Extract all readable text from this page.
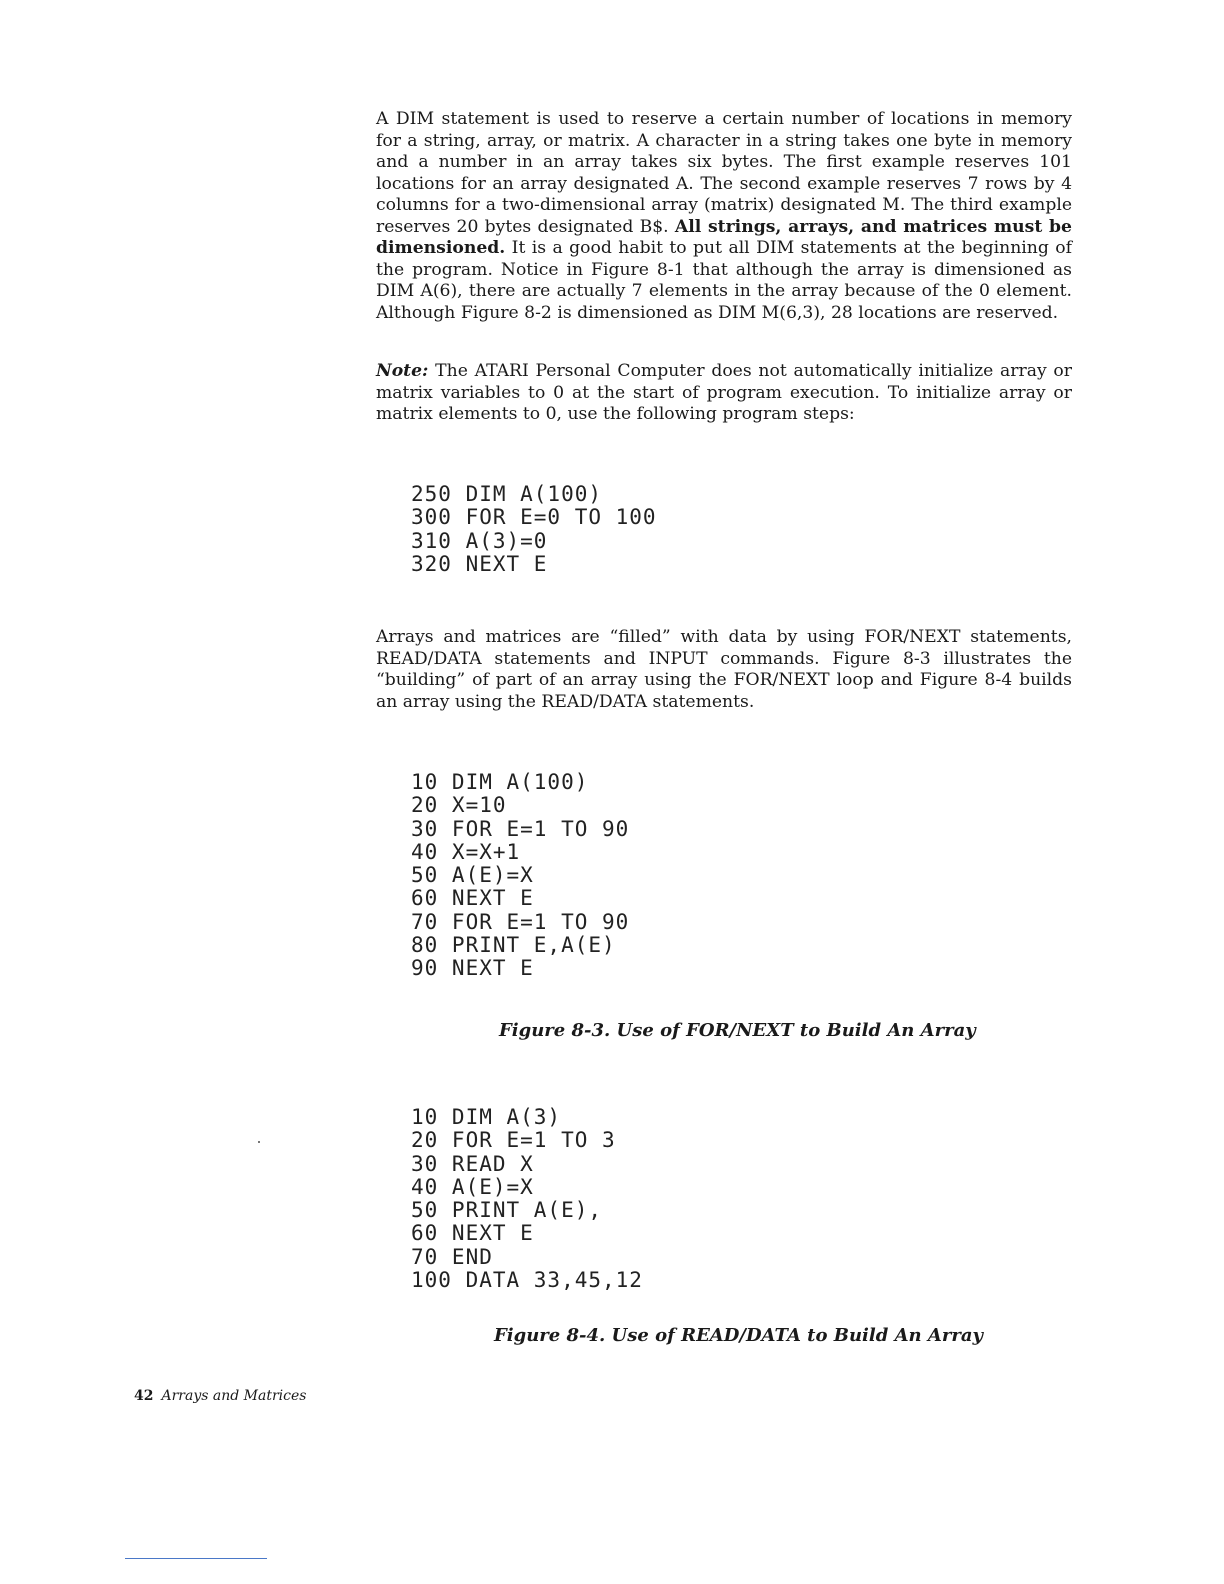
A DIM statement is used to reserve a certain number of locations in memory for a string, array, or matrix. A character in a string takes one byte in memory and a number in an array takes six bytes. The first example reserves 101 locations for an array designated A. The second example reserves 7 rows by 4 columns for a two-dimensional array (matrix) designated M. The third example reserves 20 bytes designated B$. All strings, arrays, and matrices must be dimensioned. It is a good habit to put all DIM statements at the beginning of the program. Notice in Figure 8-1 that although the array is dimensioned as DIM A(6), there are actually 7 elements in the array because of the 0 element. Although Figure 8-2 is dimensioned as DIM M(6,3), 28 locations are reserved.

Note: The ATARI Personal Computer does not automatically initialize array or matrix variables to 0 at the start of program execution. To initialize array or matrix elements to 0, use the following program steps:

250 DIM A(100)
300 FOR E=0 TO 100
310 A(3)=0
320 NEXT E

Arrays and matrices are “filled” with data by using FOR/NEXT statements, READ/DATA statements and INPUT commands. Figure 8-3 illustrates the “building” of part of an array using the FOR/NEXT loop and Figure 8-4 builds an array using the READ/DATA statements.

10 DIM A(100)
20 X=10
30 FOR E=1 TO 90
40 X=X+1
50 A(E)=X
60 NEXT E
70 FOR E=1 TO 90
80 PRINT E,A(E)
90 NEXT E

Figure 8-3. Use of FOR/NEXT to Build An Array

10 DIM A(3)
20 FOR E=1 TO 3
30 READ X
40 A(E)=X
50 PRINT A(E),
60 NEXT E
70 END
100 DATA 33,45,12

Figure 8-4. Use of READ/DATA to Build An Array

42 Arrays and Matrices
